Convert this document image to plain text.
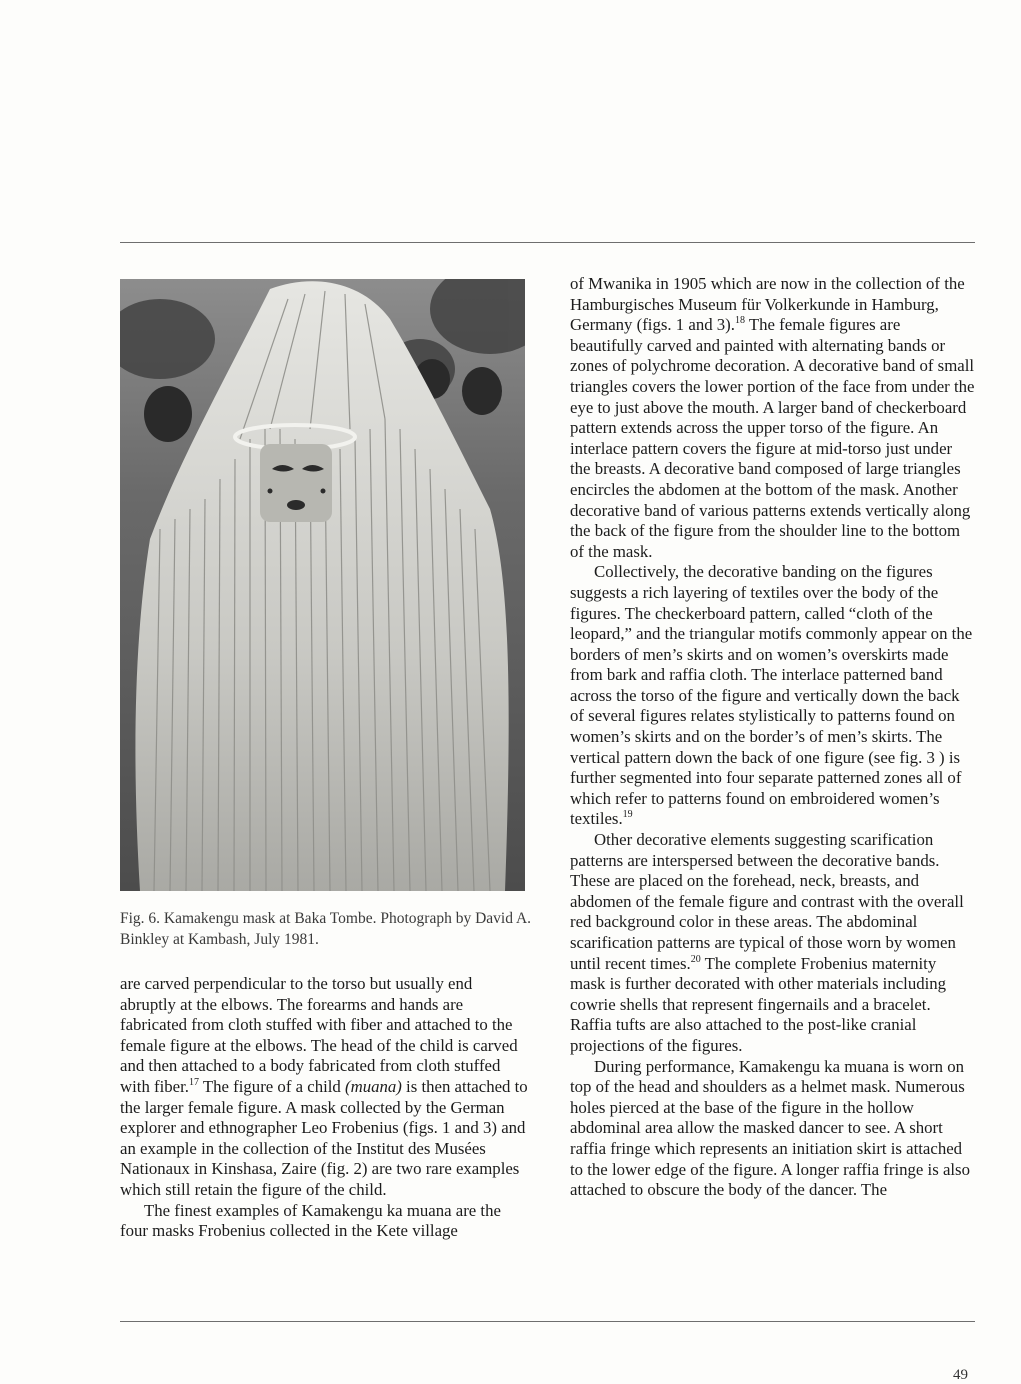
Fig. 6. Kamakengu mask at Baka Tombe. Photograph by David A. Binkley at Kambash, July 1981.

are carved perpendicular to the torso but usually end abruptly at the elbows. The forearms and hands are fabricated from cloth stuffed with fiber and attached to the female figure at the elbows. The head of the child is carved and then attached to a body fabricated from cloth stuffed with fiber.$^{17}$ The figure of a child (muana) is then attached to the larger female figure. A mask collected by the German explorer and ethnographer Leo Frobenius (figs. 1 and 3) and an example in the collection of the Institut des Musées Nationaux in Kinshasa, Zaire (fig. 2) are two rare examples which still retain the figure of the child.

The finest examples of Kamakengu ka muana are the four masks Frobenius collected in the Kete village

of Mwanika in 1905 which are now in the collection of the Hamburgisches Museum für Volkerkunde in Hamburg, Germany (figs. 1 and 3).$^{18}$ The female figures are beautifully carved and painted with alternating bands or zones of polychrome decoration. A decorative band of small triangles covers the lower portion of the face from under the eye to just above the mouth. A larger band of checkerboard pattern extends across the upper torso of the figure. An interlace pattern covers the figure at mid-torso just under the breasts. A decorative band composed of large triangles encircles the abdomen at the bottom of the mask. Another decorative band of various patterns extends vertically along the back of the figure from the shoulder line to the bottom of the mask.

Collectively, the decorative banding on the figures suggests a rich layering of textiles over the body of the figures. The checkerboard pattern, called “cloth of the leopard,” and the triangular motifs commonly appear on the borders of men’s skirts and on women’s overskirts made from bark and raffia cloth. The interlace patterned band across the torso of the figure and vertically down the back of several figures relates stylistically to patterns found on women’s skirts and on the border’s of men’s skirts. The vertical pattern down the back of one figure (see fig. 3 ) is further segmented into four separate patterned zones all of which refer to patterns found on embroidered women’s textiles.$^{19}$

Other decorative elements suggesting scarification patterns are interspersed between the decorative bands. These are placed on the forehead, neck, breasts, and abdomen of the female figure and contrast with the overall red background color in these areas. The abdominal scarification patterns are typical of those worn by women until recent times.$^{20}$ The complete Frobenius maternity mask is further decorated with other materials including cowrie shells that represent fingernails and a bracelet. Raffia tufts are also attached to the post-like cranial projections of the figures.

During performance, Kamakengu ka muana is worn on top of the head and shoulders as a helmet mask. Numerous holes pierced at the base of the figure in the hollow abdominal area allow the masked dancer to see. A short raffia fringe which represents an initiation skirt is attached to the lower edge of the figure. A longer raffia fringe is also attached to obscure the body of the dancer. The

49
